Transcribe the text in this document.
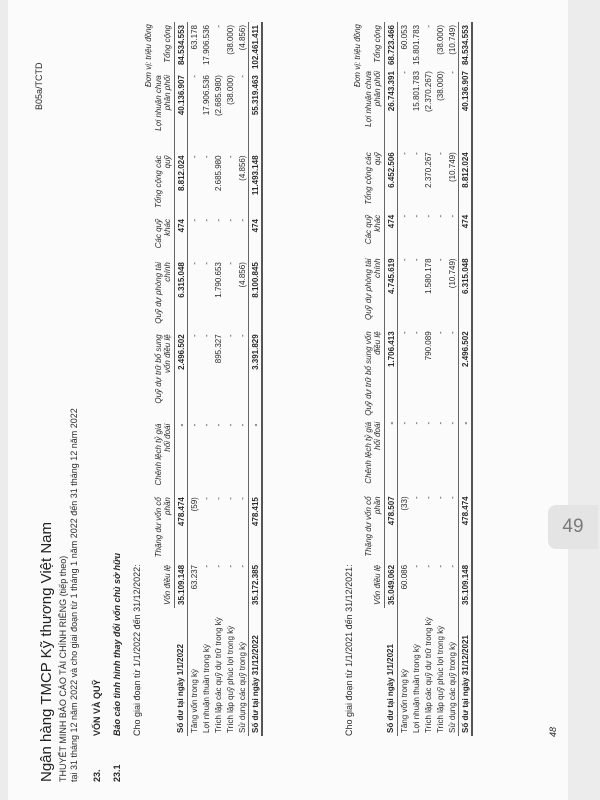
Ngân hàng TMCP Kỹ thương Việt Nam THUYẾT MINH BÁO CÁO TÀI CHÍNH RIÊNG (tiếp theo) tại 31 tháng 12 năm 2022 và cho giai đoạn từ 1 tháng 1 năm 2022 đến 31 tháng 12 năm 2022
B05a/TCTD
23.
VỐN VÀ QUỸ
23.1
Báo cáo tình hình thay đổi vốn chủ sở hữu Cho giai đoạn từ 1/1/2022 đến 31/12/2022:
Đơn vị: triệu đồng
	Vốn điều lệ	Thặng dư vốn cổ phần	Chênh lệch tỷ giá hối đoái	Quỹ dự trữ bổ sung vốn điều lệ	Quỹ dự phòng tài chính	Các quỹ khác	Tổng cộng các quỹ	Lợi nhuận chưa phân phối	Tổng cộng
Số dư tại ngày 1/1/2022	35.109.148	478.474	-	2.496.502	6.315.048	474	8.812.024	40.136.907	84.534.553
Tăng vốn trong kỳ	63.237	(59)	-	-	-	-	-	-	63.178
Lợi nhuận thuần trong kỳ	-	-	-	-	-	-	-	17.906.536	17.906.536
Trích lập các quỹ dự trữ trong kỳ	-	-	-	895.327	1.790.653	-	2.685.980	(2.685.980)	-
Trích lập quỹ phúc lợi trong kỳ	-	-	-	-	-	-	-	(38.000)	(38.000)
Sử dụng các quỹ trong kỳ	-	-	-	-	(4.856)	-	(4.856)	-	(4.856)
Số dư tại ngày 31/12/2022	35.172.385	478.415	-	3.391.829	8.100.845	474	11.493.148	55.319.463	102.461.411
Cho giai đoạn từ 1/1/2021 đến 31/12/2021:
Đơn vị: triệu đồng
	Vốn điều lệ	Thặng dư vốn cổ phần	Chênh lệch tỷ giá hối đoái	Quỹ dự trữ bổ sung vốn điều lệ	Quỹ dự phòng tài chính	Các quỹ khác	Tổng cộng các quỹ	Lợi nhuận chưa phân phối	Tổng cộng
Số dư tại ngày 1/1/2021	35.049.062	478.507	-	1.706.413	4.745.619	474	6.452.506	26.743.391	68.723.466
Tăng vốn trong kỳ	60.086	(33)	-	-	-	-	-	-	60.053
Lợi nhuận thuần trong kỳ	-	-	-	-	-	-	-	15.801.783	15.801.783
Trích lập các quỹ dự trữ trong kỳ	-	-	-	790.089	1.580.178	-	2.370.267	(2.370.267)	-
Trích lập quỹ phúc lợi trong kỳ	-	-	-	-	-	-	-	(38.000)	(38.000)
Sử dụng các quỹ trong kỳ	-	-	-	-	(10.749)	-	(10.749)	-	(10.749)
Số dư tại ngày 31/12/2021	35.109.148	478.474	-	2.496.502	6.315.048	474	8.812.024	40.136.907	84.534.553
48
49
